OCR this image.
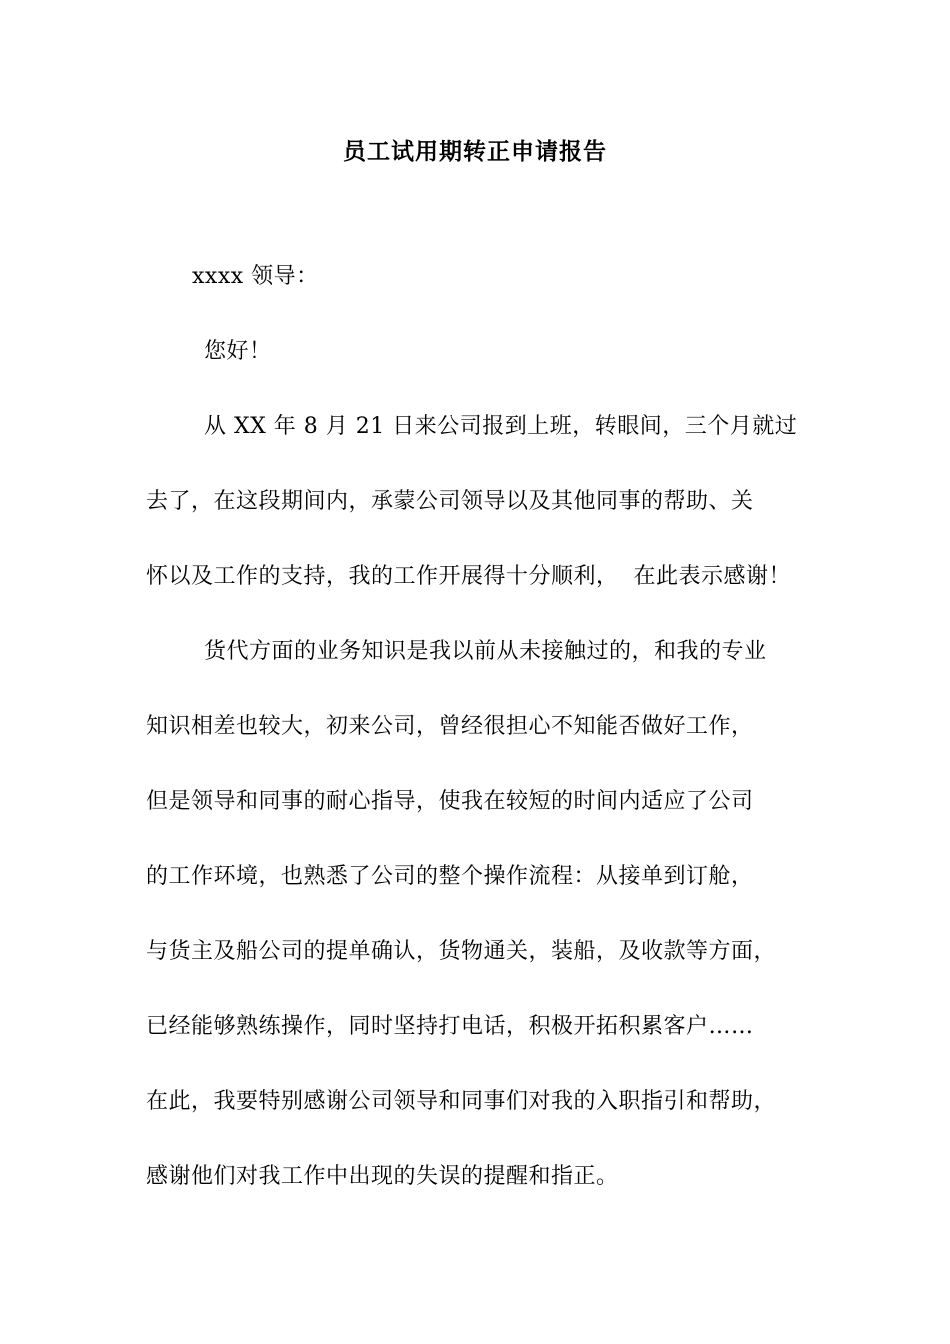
员工试用期转正申请报告
xxxx 领导：
您好！
从 XX 年 8 月 21 日来公司报到上班，转眼间，三个月就过
去了，在这段期间内，承蒙公司领导以及其他同事的帮助、关
怀以及工作的支持，我的工作开展得十分顺利，  在此表示感谢！
货代方面的业务知识是我以前从未接触过的，和我的专业
知识相差也较大，初来公司，曾经很担心不知能否做好工作，
但是领导和同事的耐心指导，使我在较短的时间内适应了公司
的工作环境，也熟悉了公司的整个操作流程：从接单到订舱，
与货主及船公司的提单确认，货物通关，装船，及收款等方面，
已经能够熟练操作，同时坚持打电话，积极开拓积累客户……
在此，我要特别感谢公司领导和同事们对我的入职指引和帮助，
感谢他们对我工作中出现的失误的提醒和指正。
